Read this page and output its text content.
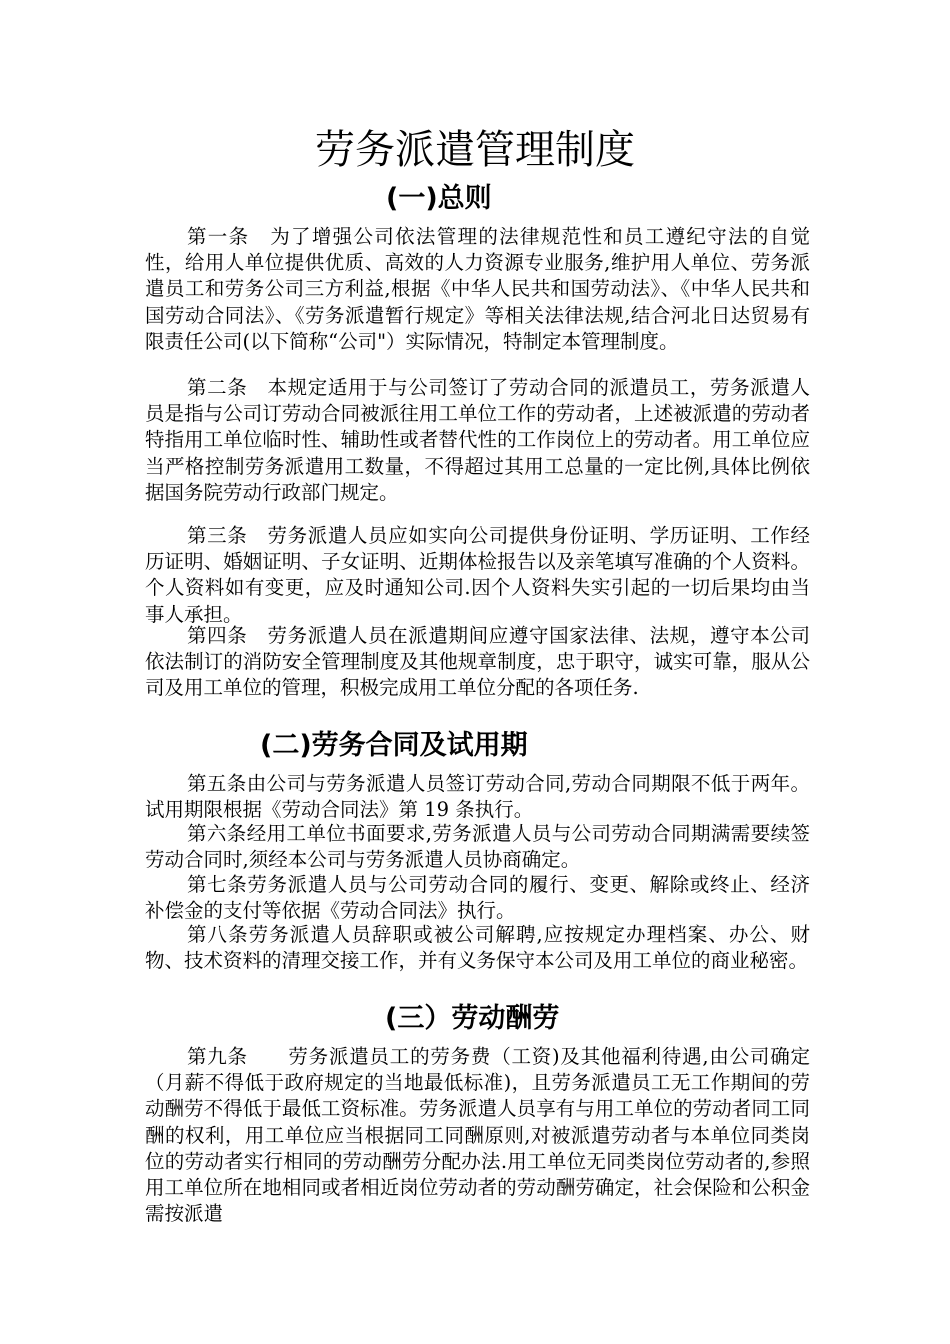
劳务派遣管理制度
(一)总则

第一条　为了增强公司依法管理的法律规范性和员工遵纪守法的自觉性，给用人单位提供优质、高效的人力资源专业服务,维护用人单位、劳务派遣员工和劳务公司三方利益,根据《中华人民共和国劳动法》、《中华人民共和国劳动合同法》、《劳务派遣暂行规定》等相关法律法规,结合河北日达贸易有限责任公司(以下简称“公司"）实际情况，特制定本管理制度。

第二条　本规定适用于与公司签订了劳动合同的派遣员工，劳务派遣人员是指与公司订劳动合同被派往用工单位工作的劳动者，上述被派遣的劳动者特指用工单位临时性、辅助性或者替代性的工作岗位上的劳动者。用工单位应当严格控制劳务派遣用工数量，不得超过其用工总量的一定比例,具体比例依据国务院劳动行政部门规定。

第三条　劳务派遣人员应如实向公司提供身份证明、学历证明、工作经历证明、婚姻证明、子女证明、近期体检报告以及亲笔填写准确的个人资料。个人资料如有变更，应及时通知公司.因个人资料失实引起的一切后果均由当事人承担。

第四条　劳务派遣人员在派遣期间应遵守国家法律、法规，遵守本公司依法制订的消防安全管理制度及其他规章制度，忠于职守，诚实可靠，服从公司及用工单位的管理，积极完成用工单位分配的各项任务.

(二)劳务合同及试用期

第五条由公司与劳务派遣人员签订劳动合同,劳动合同期限不低于两年。试用期限根据《劳动合同法》第 19 条执行。

第六条经用工单位书面要求,劳务派遣人员与公司劳动合同期满需要续签劳动合同时,须经本公司与劳务派遣人员协商确定。

第七条劳务派遣人员与公司劳动合同的履行、变更、解除或终止、经济补偿金的支付等依据《劳动合同法》执行。

第八条劳务派遣人员辞职或被公司解聘,应按规定办理档案、办公、财物、技术资料的清理交接工作，并有义务保守本公司及用工单位的商业秘密。

(三）劳动酬劳

第九条　　劳务派遣员工的劳务费（工资)及其他福利待遇,由公司确定（月薪不得低于政府规定的当地最低标准)，且劳务派遣员工无工作期间的劳动酬劳不得低于最低工资标准。劳务派遣人员享有与用工单位的劳动者同工同酬的权利，用工单位应当根据同工同酬原则,对被派遣劳动者与本单位同类岗位的劳动者实行相同的劳动酬劳分配办法.用工单位无同类岗位劳动者的,参照用工单位所在地相同或者相近岗位劳动者的劳动酬劳确定，社会保险和公积金需按派遣
